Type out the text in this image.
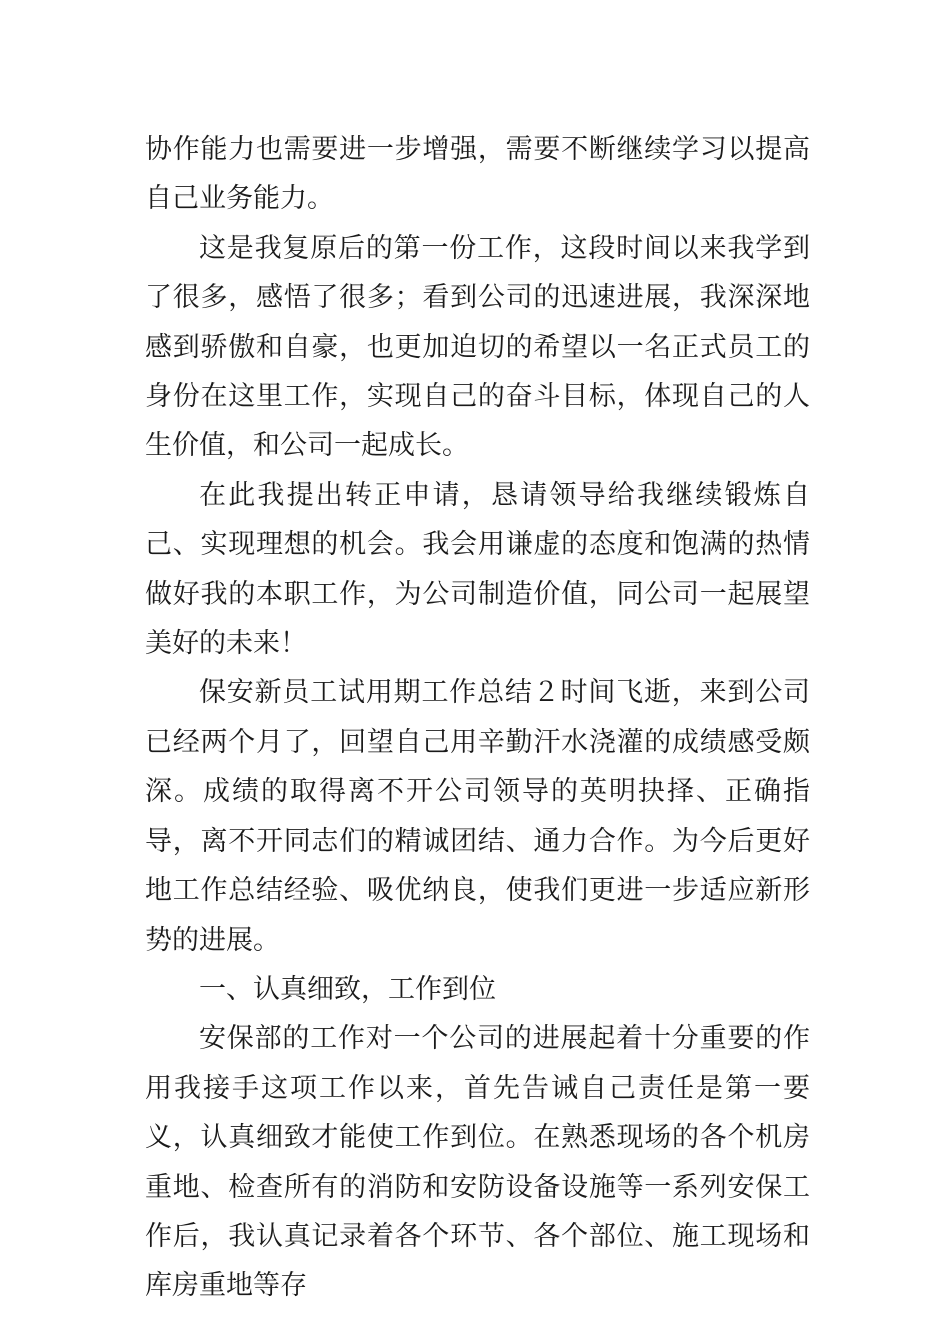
协作能力也需要进一步增强，需要不断继续学习以提高自己业务能力。

这是我复原后的第一份工作，这段时间以来我学到了很多，感悟了很多；看到公司的迅速进展，我深深地感到骄傲和自豪，也更加迫切的希望以一名正式员工的身份在这里工作，实现自己的奋斗目标，体现自己的人生价值，和公司一起成长。

在此我提出转正申请，恳请领导给我继续锻炼自己、实现理想的机会。我会用谦虚的态度和饱满的热情做好我的本职工作，为公司制造价值，同公司一起展望美好的未来！

保安新员工试用期工作总结２时间飞逝，来到公司已经两个月了，回望自己用辛勤汗水浇灌的成绩感受颇深。成绩的取得离不开公司领导的英明抉择、正确指导，离不开同志们的精诚团结、通力合作。为今后更好地工作总结经验、吸优纳良，使我们更进一步适应新形势的进展。

一、认真细致，工作到位

安保部的工作对一个公司的进展起着十分重要的作用我接手这项工作以来，首先告诫自己责任是第一要义，认真细致才能使工作到位。在熟悉现场的各个机房重地、检查所有的消防和安防设备设施等一系列安保工作后，我认真记录着各个环节、各个部位、施工现场和库房重地等存
